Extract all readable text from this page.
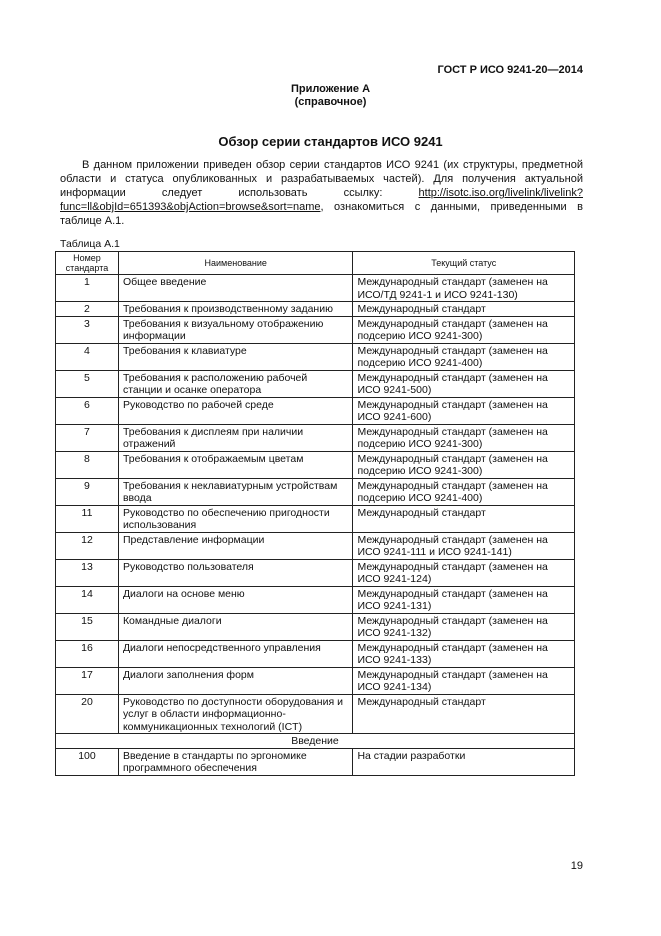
ГОСТ Р ИСО 9241-20—2014
Приложение А
(справочное)
Обзор серии стандартов ИСО 9241

В данном приложении приведен обзор серии стандартов ИСО 9241 (их структуры, предметной области и статуса опубликованных и разрабатываемых частей). Для получения актуальной информации следует использовать ссылку: http://isotc.iso.org/livelink/livelink?func=ll&objId=651393&objAction=browse&sort=name, ознакомиться с данными, приведенными в таблице А.1.

Таблица А.1
Номер стандарта	Наименование	Текущий статус
1	Общее введение	Международный стандарт (заменен на ИСО/ТД 9241-1 и ИСО 9241-130)
2	Требования к производственному заданию	Международный стандарт
3	Требования к визуальному отображению информации	Международный стандарт (заменен на подсерию ИСО 9241-300)
4	Требования к клавиатуре	Международный стандарт (заменен на подсерию ИСО 9241-400)
5	Требования к расположению рабочей станции и осанке оператора	Международный стандарт (заменен на ИСО 9241-500)
6	Руководство по рабочей среде	Международный стандарт (заменен на ИСО 9241-600)
7	Требования к дисплеям при наличии отражений	Международный стандарт (заменен на подсерию ИСО 9241-300)
8	Требования к отображаемым цветам	Международный стандарт (заменен на подсерию ИСО 9241-300)
9	Требования к неклавиатурным устройствам ввода	Международный стандарт (заменен на подсерию ИСО 9241-400)
11	Руководство по обеспечению пригодности использования	Международный стандарт
12	Представление информации	Международный стандарт (заменен на ИСО 9241-111 и ИСО 9241-141)
13	Руководство пользователя	Международный стандарт (заменен на ИСО 9241-124)
14	Диалоги на основе меню	Международный стандарт (заменен на ИСО 9241-131)
15	Командные диалоги	Международный стандарт (заменен на ИСО 9241-132)
16	Диалоги непосредственного управления	Международный стандарт (заменен на ИСО 9241-133)
17	Диалоги заполнения форм	Международный стандарт (заменен на ИСО 9241-134)
20	Руководство по доступности оборудования и услуг в области информационно-коммуникационных технологий (ICT)	Международный стандарт
Введение		
100	Введение в стандарты по эргономике программного обеспечения	На стадии разработки
19
